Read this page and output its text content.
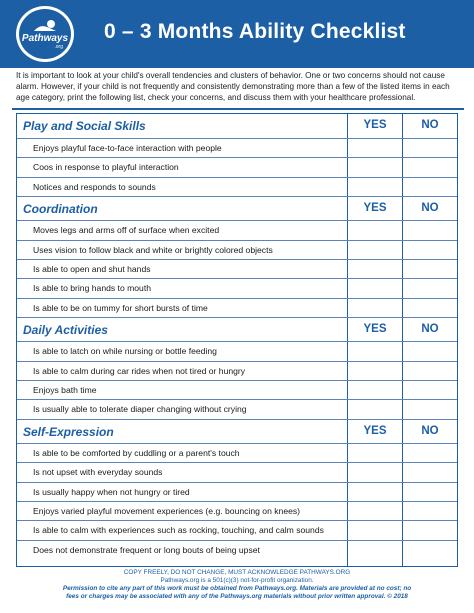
Pathways
.org
0 – 3 Months Ability Checklist

It is important to look at your child's overall tendencies and clusters of behavior. One or two concerns should not cause alarm. However, if your child is not frequently and consistently demonstrating more than a few of the listed items in each age category, print the following list, check your concerns, and discuss them with your healthcare professional.

Play and Social Skills	YES	NO
Enjoys playful face-to-face interaction with people
Coos in response to playful interaction
Notices and responds to sounds
Coordination	YES	NO
Moves legs and arms off of surface when excited
Uses vision to follow black and white or brightly colored objects
Is able to open and shut hands
Is able to bring hands to mouth
Is able to be on tummy for short bursts of time
Daily Activities	YES	NO
Is able to latch on while nursing or bottle feeding
Is able to calm during car rides when not tired or hungry
Enjoys bath time
Is usually able to tolerate diaper changing without crying
Self-Expression	YES	NO
Is able to be comforted by cuddling or a parent's touch
Is not upset with everyday sounds
Is usually happy when not hungry or tired
Enjoys varied playful movement experiences (e.g. bouncing on knees)
Is able to calm with experiences such as rocking, touching, and calm sounds
Does not demonstrate frequent or long bouts of being upset
COPY FREELY, DO NOT CHANGE, MUST ACKNOWLEDGE PATHWAYS.ORG
Pathways.org is a 501(c)(3) not-for-profit organization.
Permission to cite any part of this work must be obtained from Pathways.org. Materials are provided at no cost; no
fees or charges may be associated with any of the Pathways.org materials without prior written approval. © 2018
